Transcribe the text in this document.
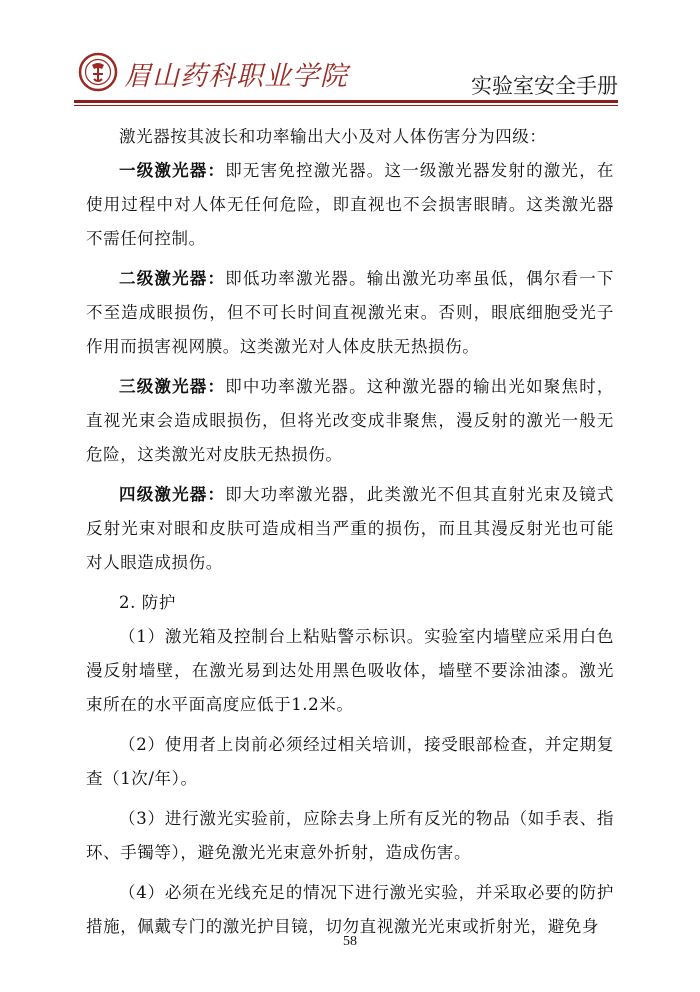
眉山药科职业学院	实验室安全手册

激光器按其波长和功率输出大小及对人体伤害分为四级：

一级激光器：即无害免控激光器。这一级激光器发射的激光，在使用过程中对人体无任何危险，即直视也不会损害眼睛。这类激光器不需任何控制。

二级激光器：即低功率激光器。输出激光功率虽低，偶尔看一下不至造成眼损伤，但不可长时间直视激光束。否则，眼底细胞受光子作用而损害视网膜。这类激光对人体皮肤无热损伤。

三级激光器：即中功率激光器。这种激光器的输出光如聚焦时，直视光束会造成眼损伤，但将光改变成非聚焦，漫反射的激光一般无危险，这类激光对皮肤无热损伤。

四级激光器：即大功率激光器，此类激光不但其直射光束及镜式反射光束对眼和皮肤可造成相当严重的损伤，而且其漫反射光也可能对人眼造成损伤。

2. 防护

（1）激光箱及控制台上粘贴警示标识。实验室内墙壁应采用白色漫反射墙壁，在激光易到达处用黑色吸收体，墙壁不要涂油漆。激光束所在的水平面高度应低于1.2米。

（2）使用者上岗前必须经过相关培训，接受眼部检查，并定期复查（1次/年）。

（3）进行激光实验前，应除去身上所有反光的物品（如手表、指环、手镯等），避免激光光束意外折射，造成伤害。

（4）必须在光线充足的情况下进行激光实验，并采取必要的防护措施，佩戴专门的激光护目镜，切勿直视激光光束或折射光，避免身

58
